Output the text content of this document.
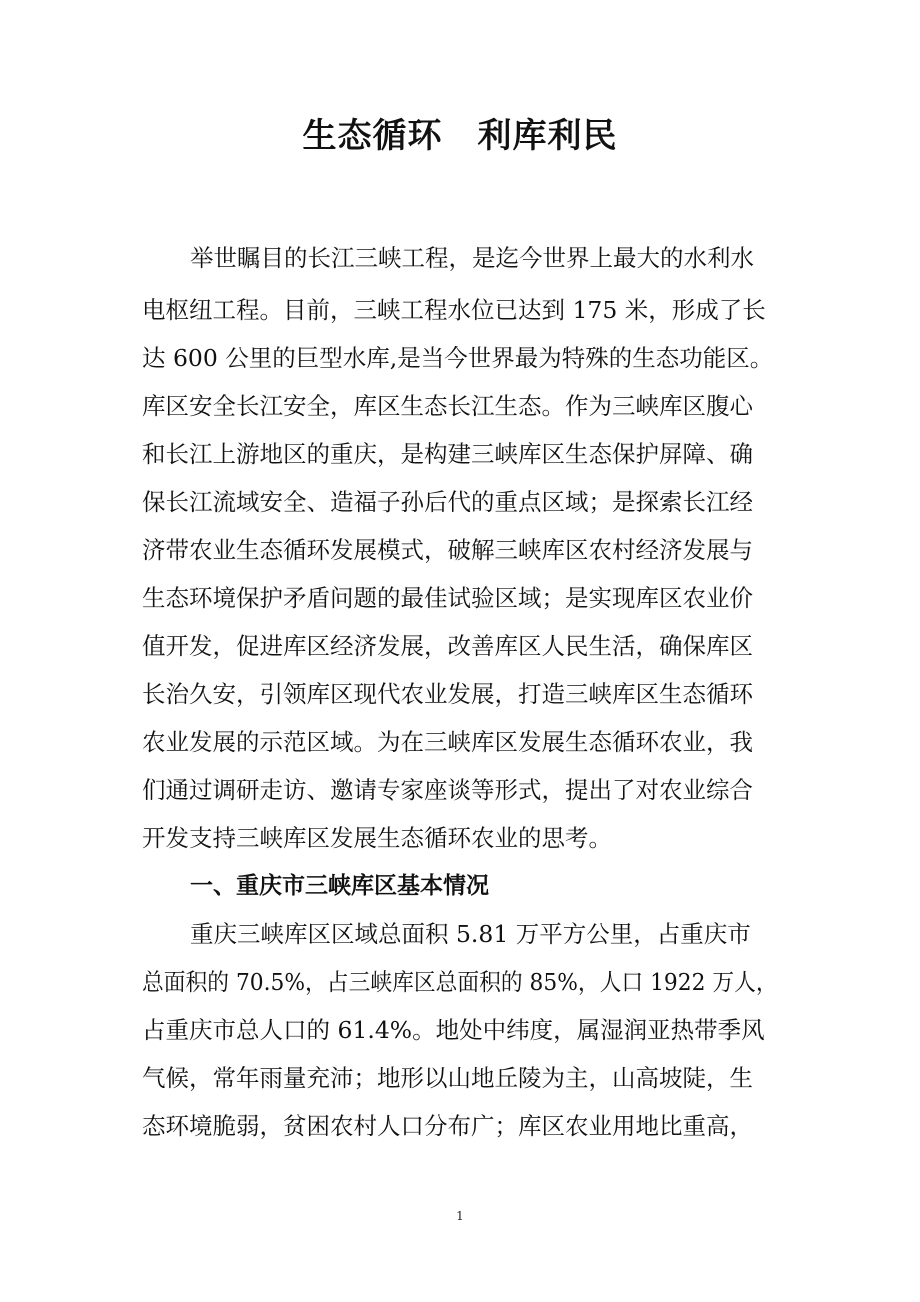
生态循环　利库利民
举世瞩目的长江三峡工程，是迄今世界上最大的水利水
电枢纽工程。目前，三峡工程水位已达到 175 米，形成了长
达 600 公里的巨型水库,是当今世界最为特殊的生态功能区。
库区安全长江安全，库区生态长江生态。作为三峡库区腹心
和长江上游地区的重庆，是构建三峡库区生态保护屏障、确
保长江流域安全、造福子孙后代的重点区域；是探索长江经
济带农业生态循环发展模式，破解三峡库区农村经济发展与
生态环境保护矛盾问题的最佳试验区域；是实现库区农业价
值开发，促进库区经济发展，改善库区人民生活，确保库区
长治久安，引领库区现代农业发展，打造三峡库区生态循环
农业发展的示范区域。为在三峡库区发展生态循环农业，我
们通过调研走访、邀请专家座谈等形式，提出了对农业综合
开发支持三峡库区发展生态循环农业的思考。
一、重庆市三峡库区基本情况
重庆三峡库区区域总面积 5.81 万平方公里，占重庆市
总面积的 70.5%，占三峡库区总面积的 85%，人口 1922 万人，
占重庆市总人口的 61.4%。地处中纬度，属湿润亚热带季风
气候，常年雨量充沛；地形以山地丘陵为主，山高坡陡，生
态环境脆弱，贫困农村人口分布广；库区农业用地比重高，
1
